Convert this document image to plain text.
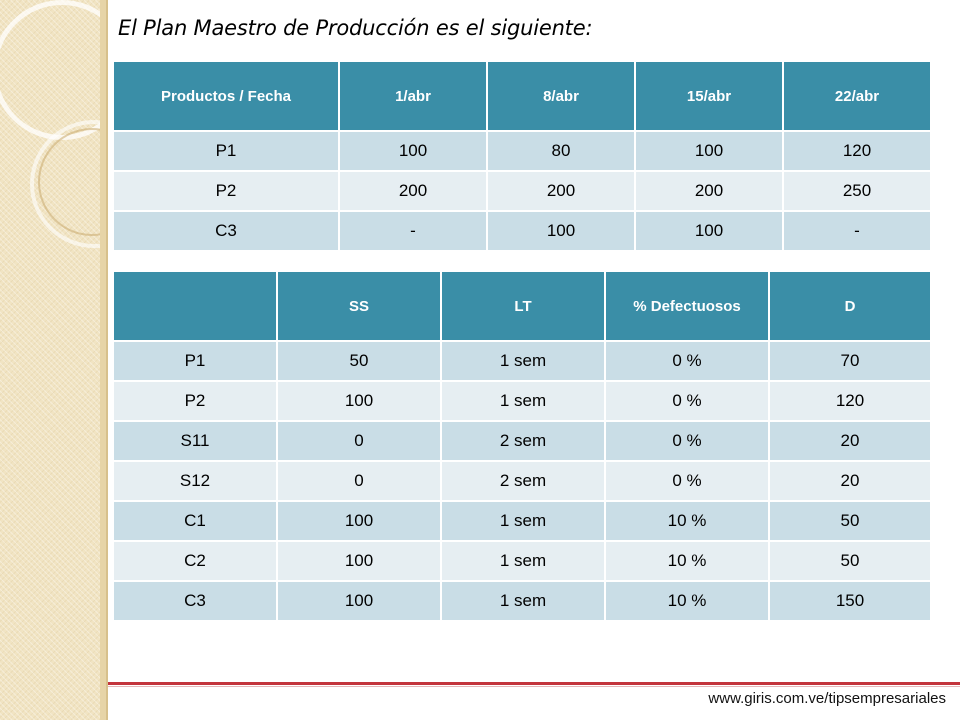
El Plan Maestro de Producción es el siguiente:
Productos / Fecha	1/abr	8/abr	15/abr	22/abr
P1	100	80	100	120
P2	200	200	200	250
C3	-	100	100	-
	SS	LT	% Defectuosos	D
P1	50	1 sem	0 %	70
P2	100	1 sem	0 %	120
S11	0	2 sem	0 %	20
S12	0	2 sem	0 %	20
C1	100	1 sem	10 %	50
C2	100	1 sem	10 %	50
C3	100	1 sem	10 %	150
www.giris.com.ve/tipsempresariales
